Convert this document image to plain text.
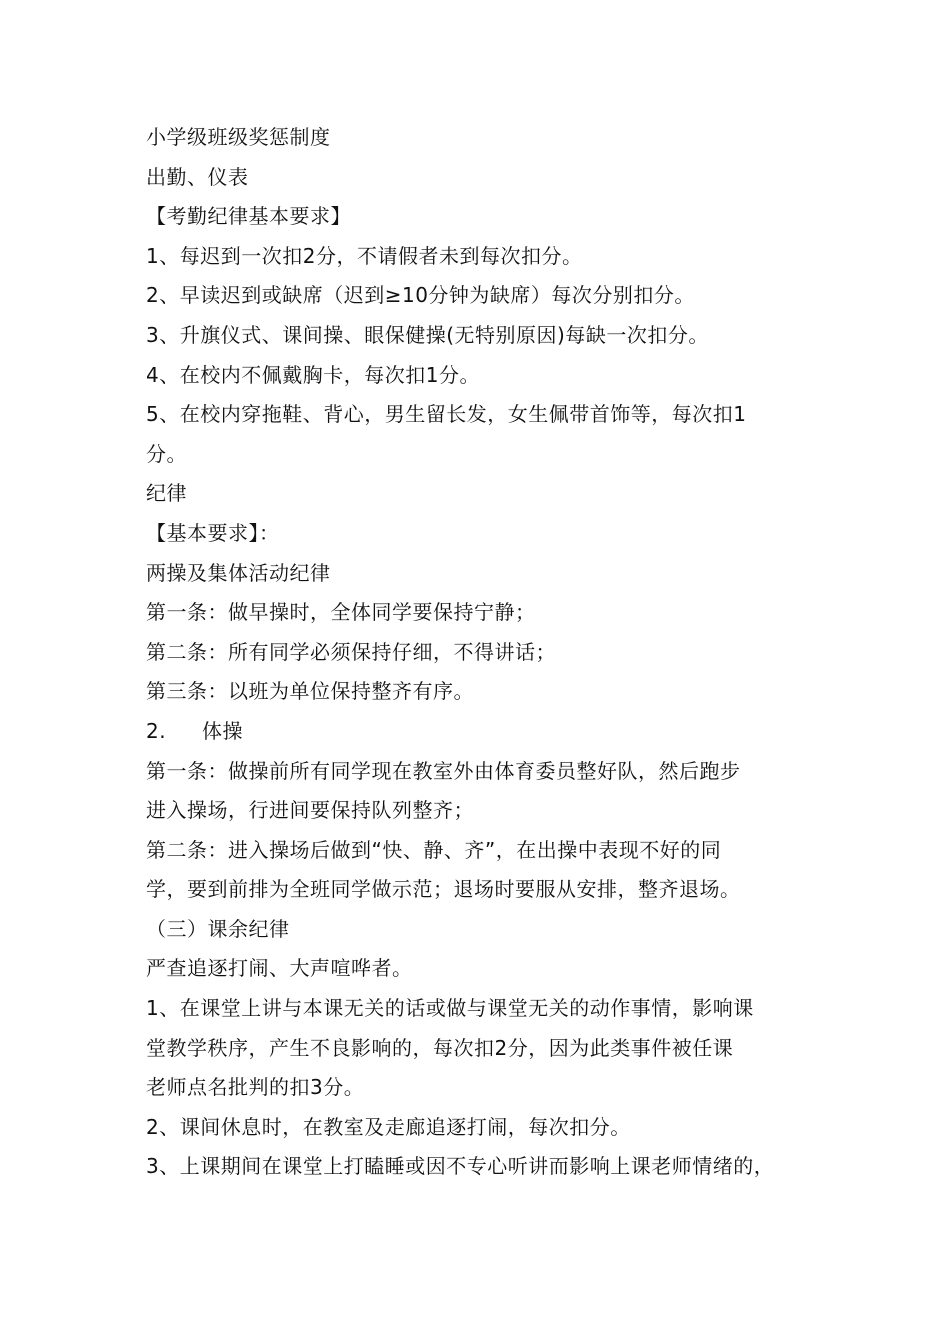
小学级班级奖惩制度
出勤、仪表
【考勤纪律基本要求】
1、每迟到一次扣2分，不请假者未到每次扣分。
2、早读迟到或缺席（迟到≥10分钟为缺席）每次分别扣分。
3、升旗仪式、课间操、眼保健操(无特别原因)每缺一次扣分。
4、在校内不佩戴胸卡，每次扣1分。
5、在校内穿拖鞋、背心，男生留长发，女生佩带首饰等，每次扣1
分。
纪律
【基本要求】：
两操及集体活动纪律
第一条：做早操时，全体同学要保持宁静；
第二条：所有同学必须保持仔细，不得讲话；
第三条：以班为单位保持整齐有序。
2. 体操
第一条：做操前所有同学现在教室外由体育委员整好队，然后跑步
进入操场，行进间要保持队列整齐；
第二条：进入操场后做到“快、静、齐”，在出操中表现不好的同
学，要到前排为全班同学做示范；退场时要服从安排，整齐退场。
（三）课余纪律
严查追逐打闹、大声喧哗者。
1、在课堂上讲与本课无关的话或做与课堂无关的动作事情，影响课
堂教学秩序，产生不良影响的，每次扣2分，因为此类事件被任课
老师点名批判的扣3分。
2、课间休息时，在教室及走廊追逐打闹，每次扣分。
3、上课期间在课堂上打瞌睡或因不专心听讲而影响上课老师情绪的，
